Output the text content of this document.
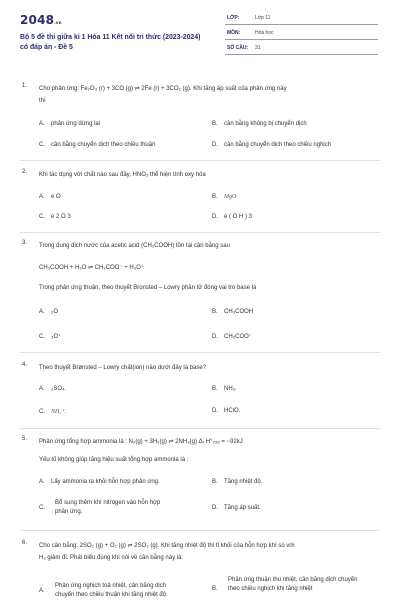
2048.vn
Bộ 5 đề thi giữa kì 1 Hóa 11 Kết nối tri thức (2023-2024)
có đáp án - Đề 5
LỚP:	Lớp 11
MÔN:	Hóa học
SỐ CÂU: 31
1. Cho phản ứng: Fe₂O₃ (r) + 3CO (g) ⇌ 2Fe (r) + 3CO₂ (g). Khi tăng áp suất của phản ứng này
thì
A. phản ứng dừng lại	B. cân bằng không bị chuyển dịch
C. cân bằng chuyển dịch theo chiều thuận	D. cân bằng chuyển dịch theo chiều nghịch
2. Khi tác dụng với chất nào sau đây, HNO₃ thể hiện tính oxy hóa
A. e O	B. MgO
C. e 2 O 3	D. e ( O H ) 3
3. Trong dung dịch nước của acetic acid (CH₃COOH) tồn tại cân bằng sau
CH₃COOH + H₂O ⇌ CH₃COO⁻ + H₃O⁺
Trong phản ứng thuận, theo thuyết Bronsted – Lowry phần tử đóng vai trò base là
A. ₂O	B. CH₃COOH
C. ₃O⁺	D. CH₃COO⁻
4. Theo thuyết Brønsted – Lowry chất(ion) nào dưới đây là base?
A. ₂SO₄.	B. NH₃.
C. NH₄⁺.	D. HClO.
5. Phản ứng tổng hợp ammonia là : N₂(g) + 3H₂(g) ⇌ 2NH₃(g) Δᵣ H°₂₉₈ = −92kJ
Yếu tố không giúp tăng hiệu suất tổng hợp ammonia là :
A. Lấy ammonia ra khỏi hỗn hợp phản ứng.	B. Tăng nhiệt độ.
C.
Bổ sung thêm khí nitrogen vào hỗn hợp phản ứng.
D. Tăng áp suất.
6. Cho cân bằng: 2SO₂ (g) + O₂ (g) ⇌ 2SO₃ (g). Khi tăng nhiệt độ thì tỉ khối của hỗn hợp khí so với
H₂ giảm đi. Phát biểu đúng khi nói về cân bằng này là:
A.
Phản ứng nghịch toả nhiệt, cân bằng dịch chuyển theo chiều thuận khi tăng nhiệt độ.
B.
Phản ứng thuận thu nhiệt, cân bằng dịch chuyển theo chiều nghịch khi tăng nhiệt
